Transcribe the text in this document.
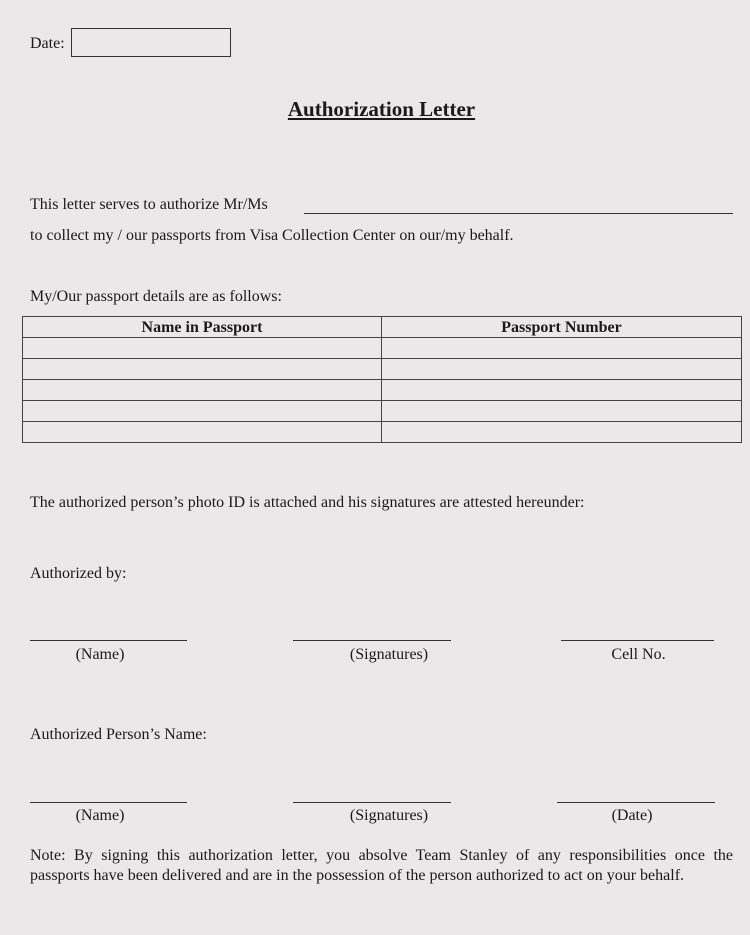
Date:
Authorization Letter
This letter serves to authorize Mr/Ms
to collect my / our passports from Visa Collection Center on our/my behalf.
My/Our passport details are as follows:
Name in Passport	Passport Number

The authorized person’s photo ID is attached and his signatures are attested hereunder:
Authorized by:
(Name)	(Signatures)	Cell No.
Authorized Person’s Name:
(Name)	(Signatures)	(Date)
Note: By signing this authorization letter, you absolve Team Stanley of any responsibilities once the passports have been delivered and are in the possession of the person authorized to act on your behalf.
